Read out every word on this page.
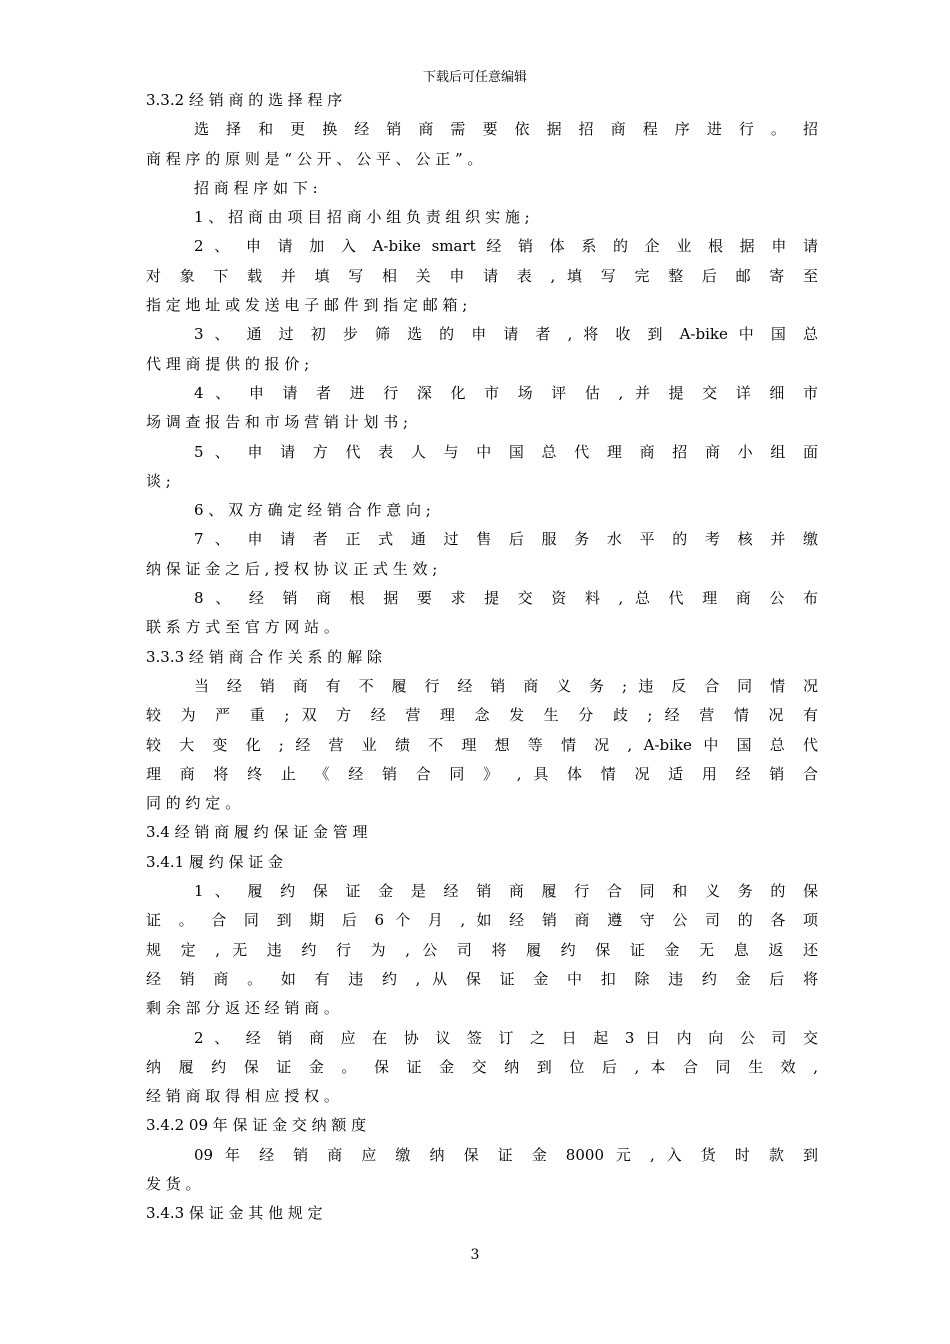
下载后可任意编辑
3.3.2 经 销 商 的 选 择 程 序
选 择 和 更 换 经 销 商 需 要 依 据 招 商 程 序 进 行 。 招
商 程 序 的 原 则 是 “ 公 开 、 公 平 、 公 正 ” 。
招 商 程 序 如 下 :
1 、 招 商 由 项 目 招 商 小 组 负 责 组 织 实 施 ;
2 、 申 请 加 入 A-bike smart 经 销 体 系 的 企 业 根 据 申 请
对 象 下 载 并 填 写 相 关 申 请 表 , 填 写 完 整 后 邮 寄 至
指 定 地 址 或 发 送 电 子 邮 件 到 指 定 邮 箱 ;
3 、 通 过 初 步 筛 选 的 申 请 者 , 将 收 到 A-bike 中 国 总
代 理 商 提 供 的 报 价 ;
4 、 申 请 者 进 行 深 化 市 场 评 估 , 并 提 交 详 细 市
场 调 查 报 告 和 市 场 营 销 计 划 书 ;
5 、 申 请 方 代 表 人 与 中 国 总 代 理 商 招 商 小 组 面
谈 ;
6 、 双 方 确 定 经 销 合 作 意 向 ;
7 、 申 请 者 正 式 通 过 售 后 服 务 水 平 的 考 核 并 缴
纳 保 证 金 之 后 , 授 权 协 议 正 式 生 效 ;
8 、 经 销 商 根 据 要 求 提 交 资 料 , 总 代 理 商 公 布
联 系 方 式 至 官 方 网 站 。
3.3.3 经 销 商 合 作 关 系 的 解 除
当 经 销 商 有 不 履 行 经 销 商 义 务 ; 违 反 合 同 情 况
较 为 严 重 ; 双 方 经 营 理 念 发 生 分 歧 ; 经 营 情 况 有
较 大 变 化 ; 经 营 业 绩 不 理 想 等 情 况 , A-bike 中 国 总 代
理 商 将 终 止 《 经 销 合 同 》 , 具 体 情 况 适 用 经 销 合
同 的 约 定 。
3.4 经 销 商 履 约 保 证 金 管 理
3.4.1 履 约 保 证 金
1 、 履 约 保 证 金 是 经 销 商 履 行 合 同 和 义 务 的 保
证 。 合 同 到 期 后 6 个 月 , 如 经 销 商 遵 守 公 司 的 各 项
规 定 , 无 违 约 行 为 , 公 司 将 履 约 保 证 金 无 息 返 还
经 销 商 。 如 有 违 约 , 从 保 证 金 中 扣 除 违 约 金 后 将
剩 余 部 分 返 还 经 销 商 。
2 、 经 销 商 应 在 协 议 签 订 之 日 起 3 日 内 向 公 司 交
纳 履 约 保 证 金 。 保 证 金 交 纳 到 位 后 , 本 合 同 生 效 ,
经 销 商 取 得 相 应 授 权 。
3.4.2 09 年 保 证 金 交 纳 额 度
09 年 经 销 商 应 缴 纳 保 证 金 8000 元 , 入 货 时 款 到
发 货 。
3.4.3 保 证 金 其 他 规 定
3
